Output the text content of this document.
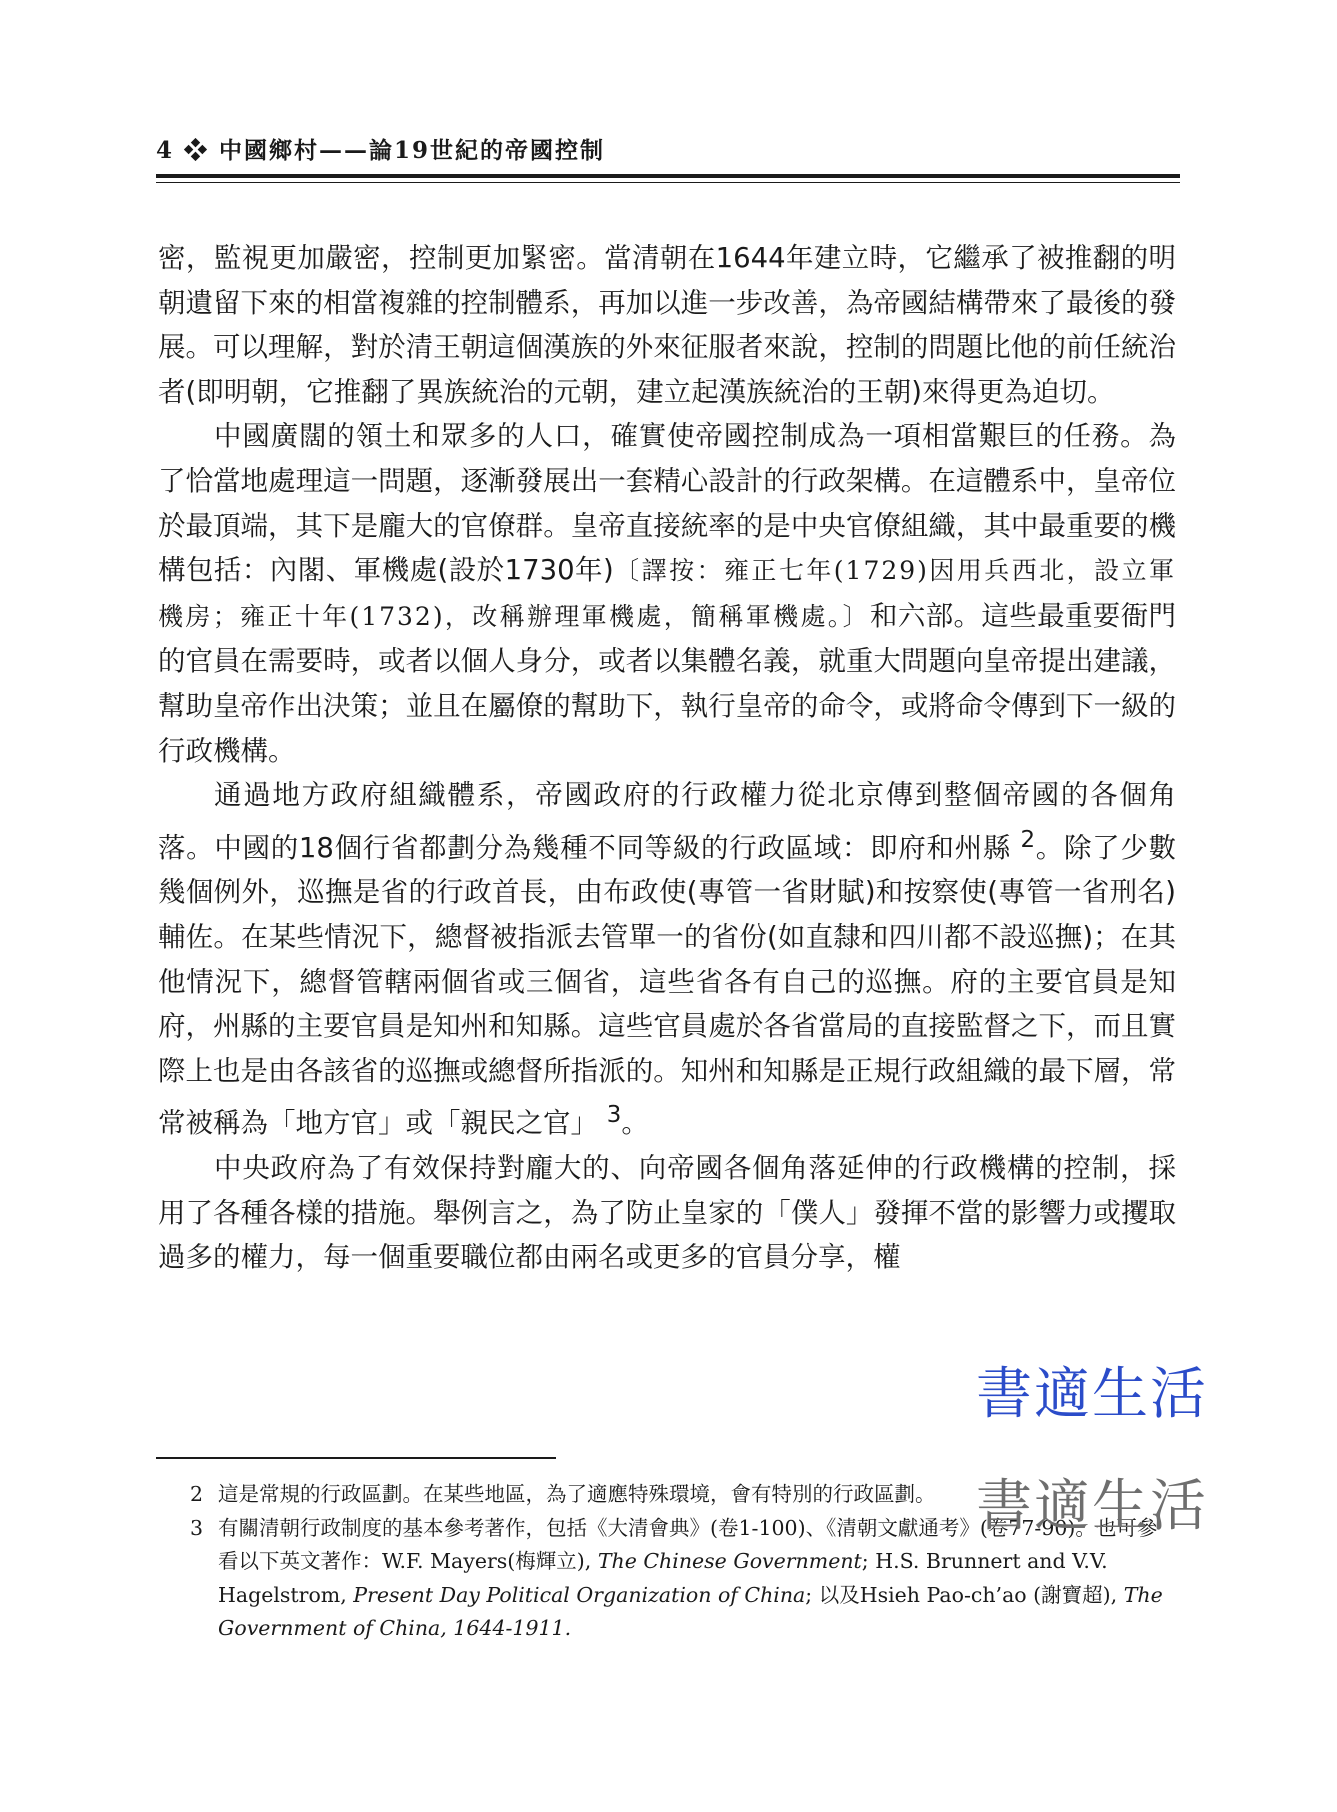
4 ❖ 中國鄉村——論19世紀的帝國控制

密，監視更加嚴密，控制更加緊密。當清朝在1644年建立時，它繼承了被推翻的明朝遺留下來的相當複雜的控制體系，再加以進一步改善，為帝國結構帶來了最後的發展。可以理解，對於清王朝這個漢族的外來征服者來說，控制的問題比他的前任統治者(即明朝，它推翻了異族統治的元朝，建立起漢族統治的王朝)來得更為迫切。

中國廣闊的領土和眾多的人口，確實使帝國控制成為一項相當艱巨的任務。為了恰當地處理這一問題，逐漸發展出一套精心設計的行政架構。在這體系中，皇帝位於最頂端，其下是龐大的官僚群。皇帝直接統率的是中央官僚組織，其中最重要的機構包括：內閣、軍機處(設於1730年)〔譯按：雍正七年(1729)因用兵西北，設立軍機房；雍正十年(1732)，改稱辦理軍機處，簡稱軍機處。〕和六部。這些最重要衙門的官員在需要時，或者以個人身分，或者以集體名義，就重大問題向皇帝提出建議，幫助皇帝作出決策；並且在屬僚的幫助下，執行皇帝的命令，或將命令傳到下一級的行政機構。

通過地方政府組織體系，帝國政府的行政權力從北京傳到整個帝國的各個角落。中國的18個行省都劃分為幾種不同等級的行政區域：即府和州縣 $^2$。除了少數幾個例外，巡撫是省的行政首長，由布政使(專管一省財賦)和按察使(專管一省刑名)輔佐。在某些情況下，總督被指派去管單一的省份(如直隸和四川都不設巡撫)；在其他情況下，總督管轄兩個省或三個省，這些省各有自己的巡撫。府的主要官員是知府，州縣的主要官員是知州和知縣。這些官員處於各省當局的直接監督之下，而且實際上也是由各該省的巡撫或總督所指派的。知州和知縣是正規行政組織的最下層，常常被稱為「地方官」或「親民之官」 $^3$。

中央政府為了有效保持對龐大的、向帝國各個角落延伸的行政機構的控制，採用了各種各樣的措施。舉例言之，為了防止皇家的「僕人」發揮不當的影響力或攫取過多的權力，每一個重要職位都由兩名或更多的官員分享，權

2 這是常規的行政區劃。在某些地區，為了適應特殊環境，會有特別的行政區劃。

3 有關清朝行政制度的基本參考著作，包括《大清會典》(卷1-100)、《清朝文獻通考》(卷77-90)。也可參看以下英文著作：W.F. Mayers(梅輝立), The Chinese Government; H.S. Brunnert and V.V. Hagelstrom, Present Day Political Organization of China; 以及Hsieh Pao-ch’ao (謝寶超), The Government of China, 1644-1911.

書適生活
書適生活
